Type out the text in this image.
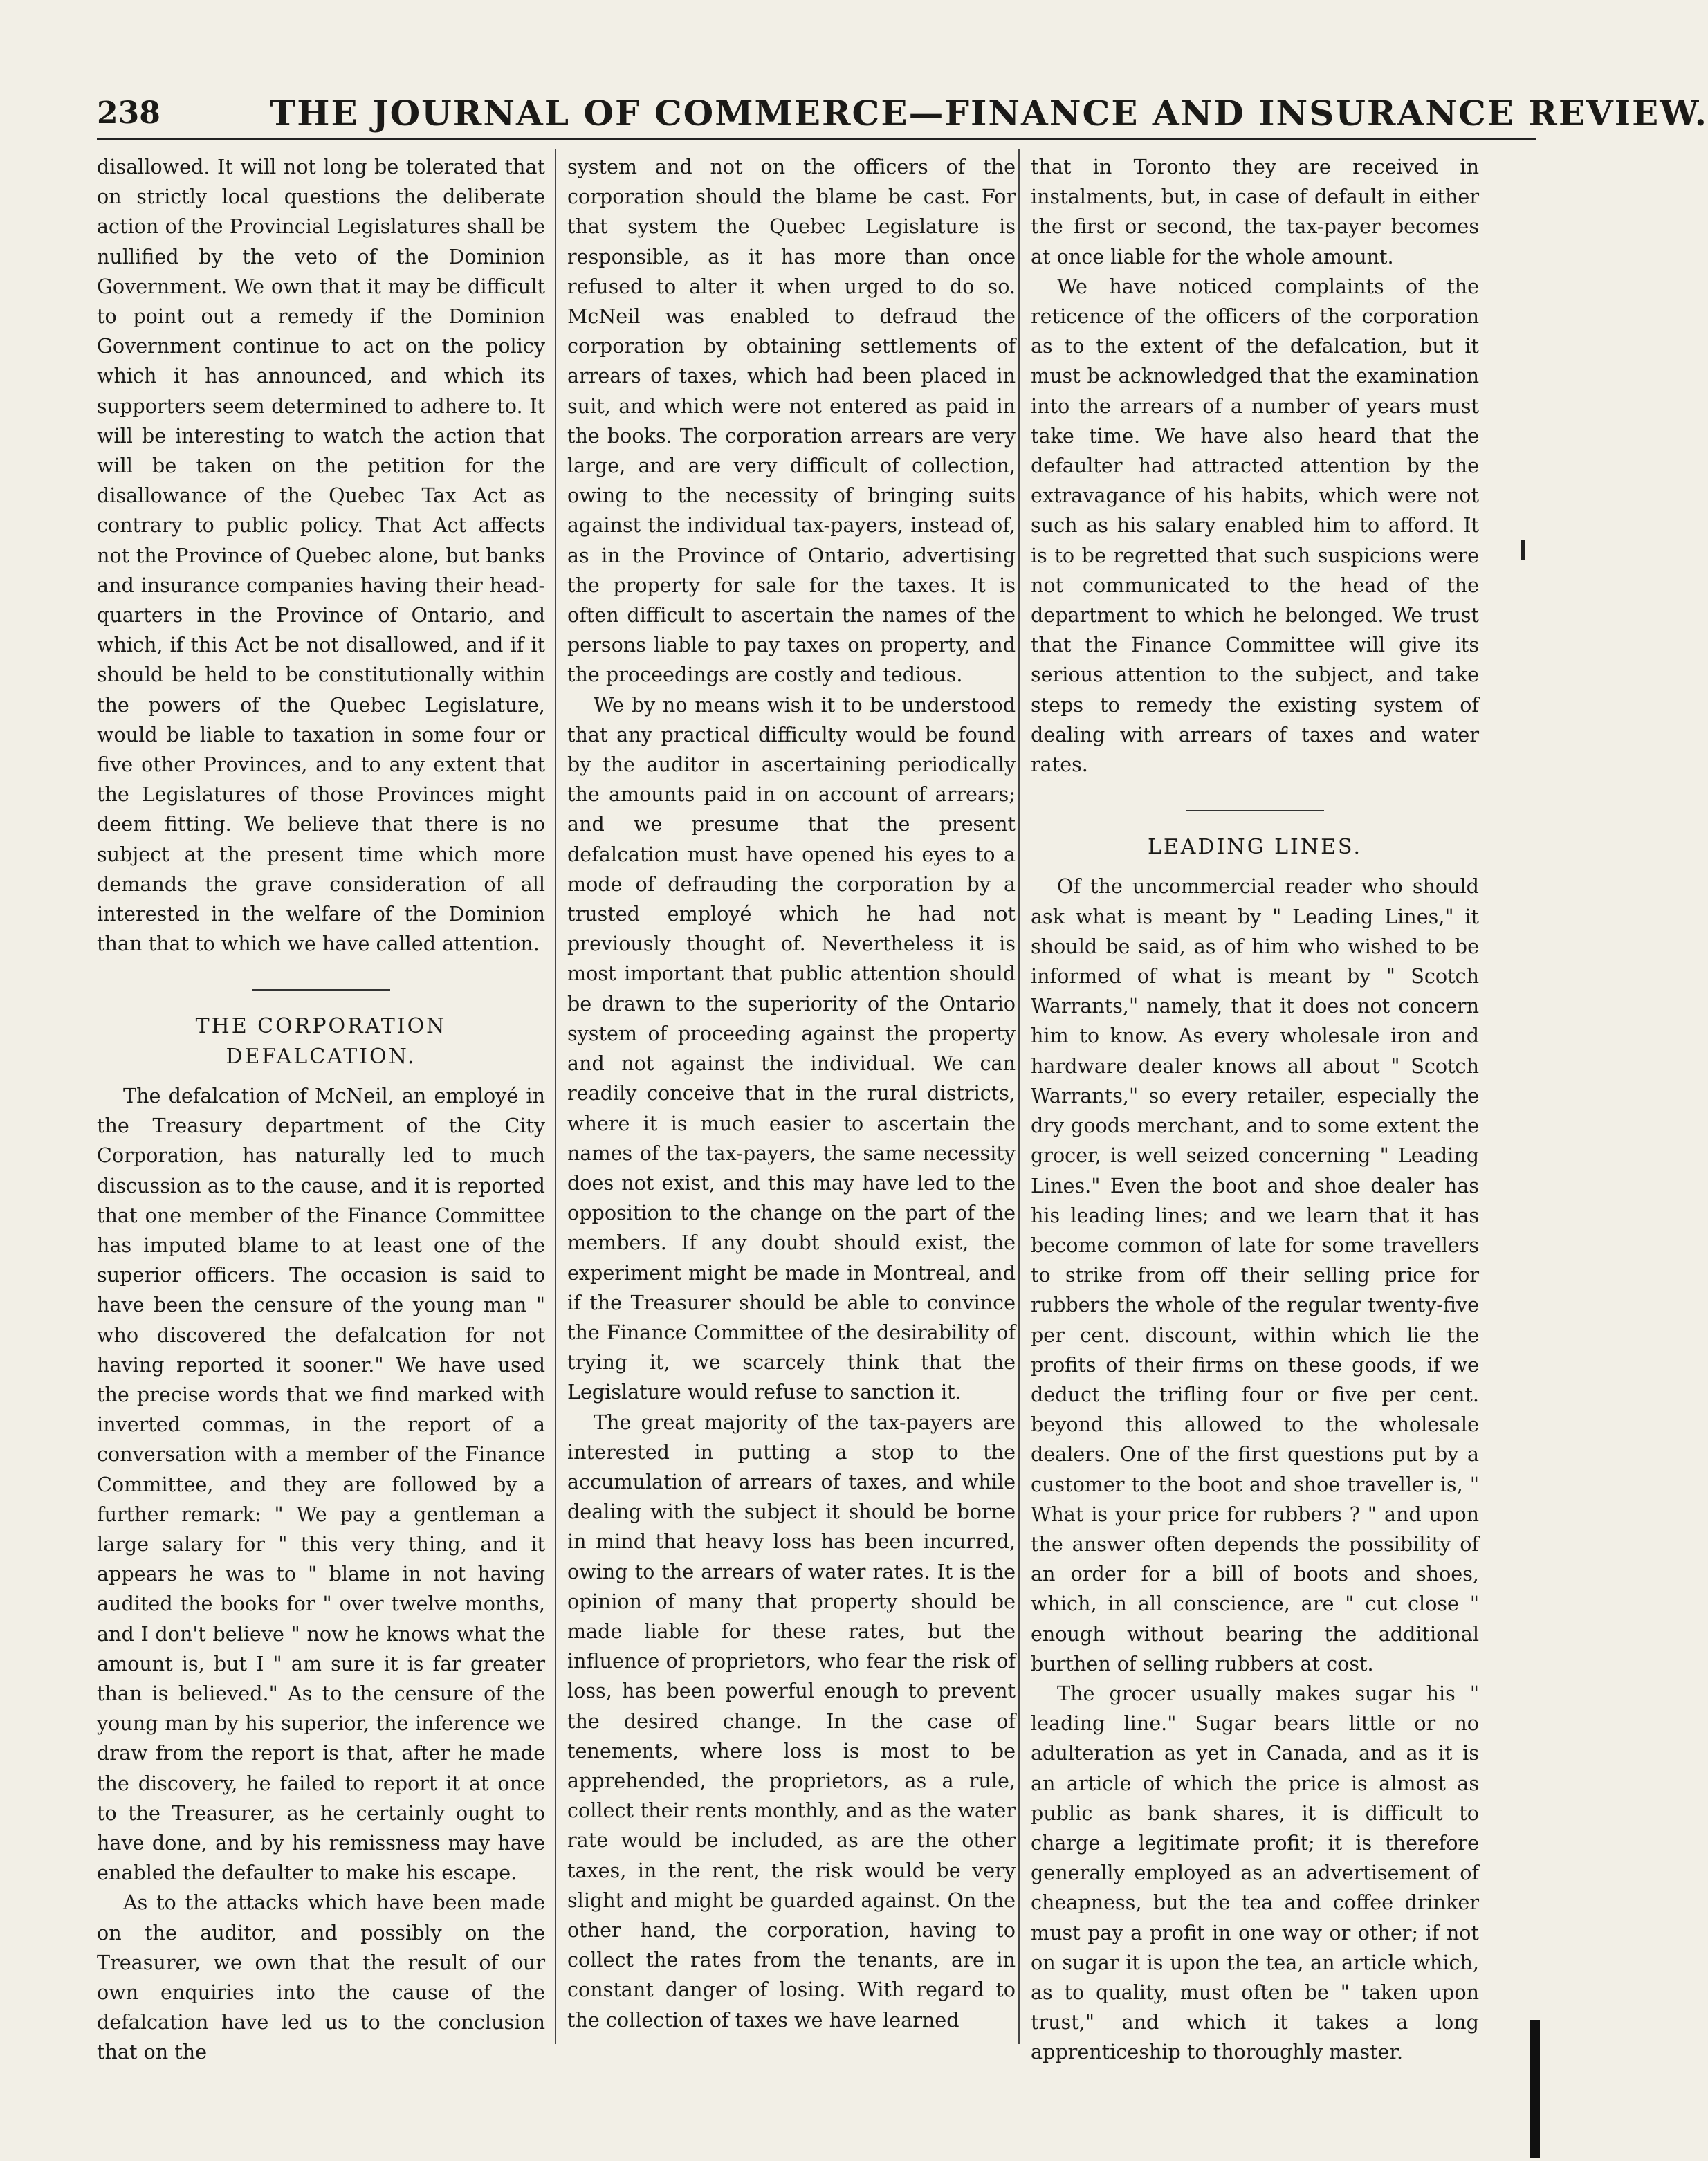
238	THE JOURNAL OF COMMERCE—FINANCE AND INSURANCE REVIEW.

disallowed. It will not long be tolerated that on strictly local questions the deliberate action of the Provincial Legislatures shall be nullified by the veto of the Dominion Government. We own that it may be difficult to point out a remedy if the Dominion Government continue to act on the policy which it has announced, and which its supporters seem determined to adhere to. It will be interesting to watch the action that will be taken on the petition for the disallowance of the Quebec Tax Act as contrary to public policy. That Act affects not the Province of Quebec alone, but banks and insurance companies having their head-quarters in the Province of Ontario, and which, if this Act be not disallowed, and if it should be held to be constitutionally within the powers of the Quebec Legislature, would be liable to taxation in some four or five other Provinces, and to any extent that the Legislatures of those Provinces might deem fitting. We believe that there is no subject at the present time which more demands the grave consideration of all interested in the welfare of the Dominion than that to which we have called attention.

THE CORPORATION DEFALCATION.

The defalcation of McNeil, an employé in the Treasury department of the City Corporation, has naturally led to much discussion as to the cause, and it is reported that one member of the Finance Committee has imputed blame to at least one of the superior officers. The occasion is said to have been the censure of the young man " who discovered the defalcation for not having reported it sooner." We have used the precise words that we find marked with inverted commas, in the report of a conversation with a member of the Finance Committee, and they are followed by a further remark: " We pay a gentleman a large salary for " this very thing, and it appears he was to " blame in not having audited the books for " over twelve months, and I don't believe " now he knows what the amount is, but I " am sure it is far greater than is believed." As to the censure of the young man by his superior, the inference we draw from the report is that, after he made the discovery, he failed to report it at once to the Treasurer, as he certainly ought to have done, and by his remissness may have enabled the defaulter to make his escape.

As to the attacks which have been made on the auditor, and possibly on the Treasurer, we own that the result of our own enquiries into the cause of the defalcation have led us to the conclusion that on the

system and not on the officers of the corporation should the blame be cast. For that system the Quebec Legislature is responsible, as it has more than once refused to alter it when urged to do so. McNeil was enabled to defraud the corporation by obtaining settlements of arrears of taxes, which had been placed in suit, and which were not entered as paid in the books. The corporation arrears are very large, and are very difficult of collection, owing to the necessity of bringing suits against the individual tax-payers, instead of, as in the Province of Ontario, advertising the property for sale for the taxes. It is often difficult to ascertain the names of the persons liable to pay taxes on property, and the proceedings are costly and tedious.

We by no means wish it to be understood that any practical difficulty would be found by the auditor in ascertaining periodically the amounts paid in on account of arrears; and we presume that the present defalcation must have opened his eyes to a mode of defrauding the corporation by a trusted employé which he had not previously thought of. Nevertheless it is most important that public attention should be drawn to the superiority of the Ontario system of proceeding against the property and not against the individual. We can readily conceive that in the rural districts, where it is much easier to ascertain the names of the tax-payers, the same necessity does not exist, and this may have led to the opposition to the change on the part of the members. If any doubt should exist, the experiment might be made in Montreal, and if the Treasurer should be able to convince the Finance Committee of the desirability of trying it, we scarcely think that the Legislature would refuse to sanction it.

The great majority of the tax-payers are interested in putting a stop to the accumulation of arrears of taxes, and while dealing with the subject it should be borne in mind that heavy loss has been incurred, owing to the arrears of water rates. It is the opinion of many that property should be made liable for these rates, but the influence of proprietors, who fear the risk of loss, has been powerful enough to prevent the desired change. In the case of tenements, where loss is most to be apprehended, the proprietors, as a rule, collect their rents monthly, and as the water rate would be included, as are the other taxes, in the rent, the risk would be very slight and might be guarded against. On the other hand, the corporation, having to collect the rates from the tenants, are in constant danger of losing. With regard to the collection of taxes we have learned

that in Toronto they are received in instalments, but, in case of default in either the first or second, the tax-payer becomes at once liable for the whole amount.

We have noticed complaints of the reticence of the officers of the corporation as to the extent of the defalcation, but it must be acknowledged that the examination into the arrears of a number of years must take time. We have also heard that the defaulter had attracted attention by the extravagance of his habits, which were not such as his salary enabled him to afford. It is to be regretted that such suspicions were not communicated to the head of the department to which he belonged. We trust that the Finance Committee will give its serious attention to the subject, and take steps to remedy the existing system of dealing with arrears of taxes and water rates.

LEADING LINES.

Of the uncommercial reader who should ask what is meant by " Leading Lines," it should be said, as of him who wished to be informed of what is meant by " Scotch Warrants," namely, that it does not concern him to know. As every wholesale iron and hardware dealer knows all about " Scotch Warrants," so every retailer, especially the dry goods merchant, and to some extent the grocer, is well seized concerning " Leading Lines." Even the boot and shoe dealer has his leading lines; and we learn that it has become common of late for some travellers to strike from off their selling price for rubbers the whole of the regular twenty-five per cent. discount, within which lie the profits of their firms on these goods, if we deduct the trifling four or five per cent. beyond this allowed to the wholesale dealers. One of the first questions put by a customer to the boot and shoe traveller is, " What is your price for rubbers ? " and upon the answer often depends the possibility of an order for a bill of boots and shoes, which, in all conscience, are " cut close " enough without bearing the additional burthen of selling rubbers at cost.

The grocer usually makes sugar his " leading line." Sugar bears little or no adulteration as yet in Canada, and as it is an article of which the price is almost as public as bank shares, it is difficult to charge a legitimate profit; it is therefore generally employed as an advertisement of cheapness, but the tea and coffee drinker must pay a profit in one way or other; if not on sugar it is upon the tea, an article which, as to quality, must often be " taken upon trust," and which it takes a long apprenticeship to thoroughly master.
